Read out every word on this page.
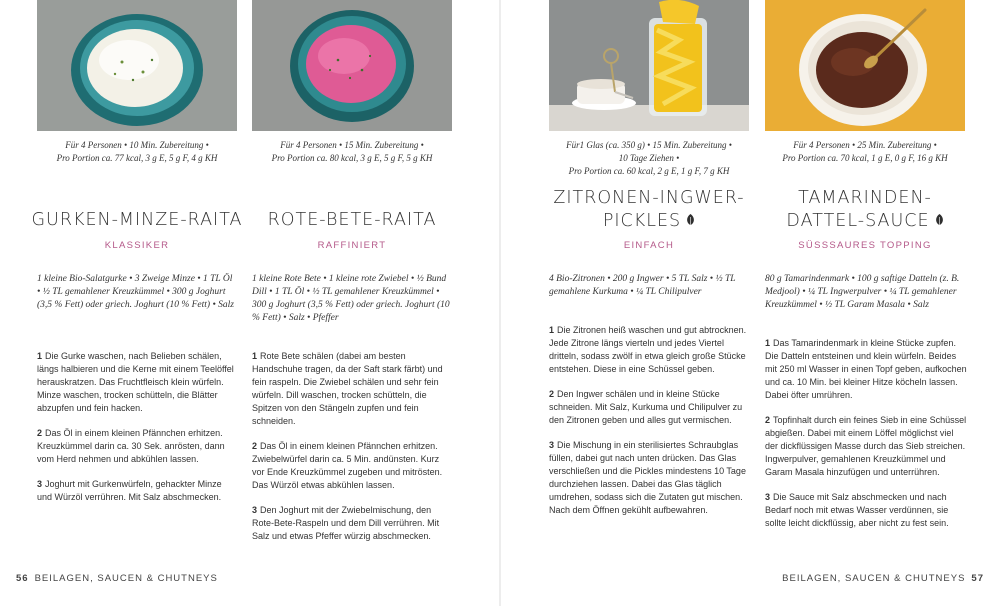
Für 4 Personen • 10 Min. Zubereitung •
Pro Portion ca. 77 kcal, 3 g E, 5 g F, 4 g KH
GURKEN-MINZE-RAITA
KLASSIKER
1 kleine Bio-Salatgurke • 3 Zweige Minze • 1 TL Öl • ½ TL gemahlener Kreuzkümmel • 300 g Joghurt (3,5 % Fett) oder griech. Joghurt (10 % Fett) • Salz

1 Die Gurke waschen, nach Belieben schälen, längs halbieren und die Kerne mit einem Teelöffel herauskratzen. Das Fruchtfleisch klein würfeln. Minze waschen, trocken schütteln, die Blätter abzupfen und fein hacken.

2 Das Öl in einem kleinen Pfännchen erhitzen. Kreuzkümmel darin ca. 30 Sek. anrösten, dann vom Herd nehmen und abkühlen lassen.

3 Joghurt mit Gurkenwürfeln, gehackter Minze und Würzöl verrühren. Mit Salz abschmecken.

Für 4 Personen • 15 Min. Zubereitung •
Pro Portion ca. 80 kcal, 3 g E, 5 g F, 5 g KH
ROTE-BETE-RAITA
RAFFINIERT
1 kleine Rote Bete • 1 kleine rote Zwiebel • ½ Bund Dill • 1 TL Öl • ½ TL gemahlener Kreuzkümmel • 300 g Joghurt (3,5 % Fett) oder griech. Joghurt (10 % Fett) • Salz • Pfeffer

1 Rote Bete schälen (dabei am besten Handschuhe tragen, da der Saft stark färbt) und fein raspeln. Die Zwiebel schälen und sehr fein würfeln. Dill waschen, trocken schütteln, die Spitzen von den Stängeln zupfen und fein schneiden.

2 Das Öl in einem kleinen Pfännchen erhitzen. Zwiebelwürfel darin ca. 5 Min. andünsten. Kurz vor Ende Kreuzkümmel zugeben und mitrösten. Das Würzöl etwas abkühlen lassen.

3 Den Joghurt mit der Zwiebelmischung, den Rote-Bete-Raspeln und dem Dill verrühren. Mit Salz und etwas Pfeffer würzig abschmecken.

Für1 Glas (ca. 350 g) • 15 Min. Zubereitung •
10 Tage Ziehen •
Pro Portion ca. 60 kcal, 2 g E, 1 g F, 7 g KH
ZITRONEN-INGWER-
PICKLES
EINFACH
4 Bio-Zitronen • 200 g Ingwer • 5 TL Salz • ½ TL gemahlene Kurkuma • ¼ TL Chilipulver

1 Die Zitronen heiß waschen und gut abtrocknen. Jede Zitrone längs vierteln und jedes Viertel dritteln, sodass zwölf in etwa gleich große Stücke entstehen. Diese in eine Schüssel geben.

2 Den Ingwer schälen und in kleine Stücke schneiden. Mit Salz, Kurkuma und Chilipulver zu den Zitronen geben und alles gut vermischen.

3 Die Mischung in ein sterilisiertes Schraubglas füllen, dabei gut nach unten drücken. Das Glas verschließen und die Pickles mindestens 10 Tage durchziehen lassen. Dabei das Glas täglich umdrehen, sodass sich die Zutaten gut mischen. Nach dem Öffnen gekühlt aufbewahren.

Für 4 Personen • 25 Min. Zubereitung •
Pro Portion ca. 70 kcal, 1 g E, 0 g F, 16 g KH
TAMARINDEN-
DATTEL-SAUCE
SÜSSSAURES TOPPING
80 g Tamarindenmark • 100 g saftige Datteln (z. B. Medjool) • ¼ TL Ingwerpulver • ¼ TL gemahlener Kreuzkümmel • ½ TL Garam Masala • Salz

1 Das Tamarindenmark in kleine Stücke zupfen. Die Datteln entsteinen und klein würfeln. Beides mit 250 ml Wasser in einen Topf geben, aufkochen und ca. 10 Min. bei kleiner Hitze köcheln lassen. Dabei öfter umrühren.

2 Topfinhalt durch ein feines Sieb in eine Schüssel abgießen. Dabei mit einem Löffel möglichst viel der dickflüssigen Masse durch das Sieb streichen. Ingwerpulver, gemahlenen Kreuzkümmel und Garam Masala hinzufügen und unterrühren.

3 Die Sauce mit Salz abschmecken und nach Bedarf noch mit etwas Wasser verdünnen, sie sollte leicht dickflüssig, aber nicht zu fest sein.

56 BEILAGEN, SAUCEN & CHUTNEYS	BEILAGEN, SAUCEN & CHUTNEYS 57
